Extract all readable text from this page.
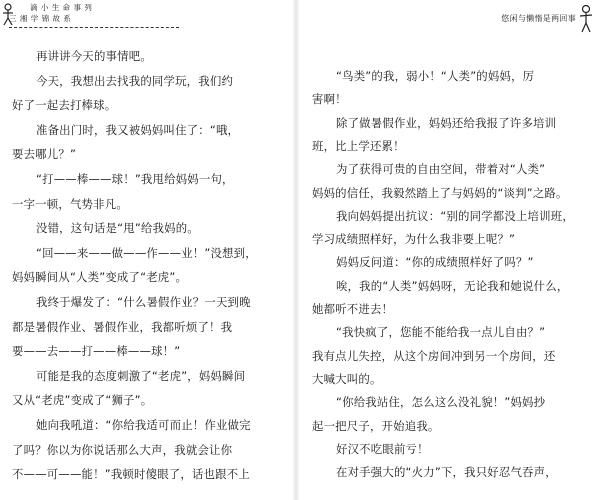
滴 小 生 命 事 列
三 湘 学 锦 故 系
再讲讲今天的事情吧。
今天，我想出去找我的同学玩，我们约
好了一起去打棒球。
准备出门时，我又被妈妈叫住了：“哦，
要去哪儿？”
“打——棒——球！”我甩给妈妈一句，
一字一顿，气势非凡。
没错，这句话是“甩”给我妈的。
“回——来——做——作——业！”没想到，
妈妈瞬间从“人类”变成了“老虎”。
我终于爆发了：“什么暑假作业？一天到晚
都是暑假作业、暑假作业，我都听烦了！我
要——去——打——棒——球！”
可能是我的态度刺激了“老虎”，妈妈瞬间
又从“老虎”变成了“狮子”。
她向我吼道：“你给我适可而止！作业做完
了吗？你以为你说话那么大声，我就会让你
不——可——能！”我顿时傻眼了，话也跟不上
悠闲与懒惰是两回事
“鸟类”的我，弱小！“人类”的妈妈，厉
害啊！
除了做暑假作业，妈妈还给我报了许多培训
班，比上学还累！
为了获得可贵的自由空间，带着对“人类”
妈妈的信任，我毅然踏上了与妈妈的“谈判”之路。
我向妈妈提出抗议：“别的同学都没上培训班，
学习成绩照样好，为什么我非要上呢？”
妈妈反问道：“你的成绩照样好了吗？”
唉，我的“人类”妈妈呀，无论我和她说什么，
她都听不进去！
“我快疯了，您能不能给我一点儿自由？”
我有点儿失控，从这个房间冲到另一个房间，还
大喊大叫的。
“你给我站住，怎么这么没礼貌！”妈妈抄
起一把尺子，开始追我。
好汉不吃眼前亏！
在对手强大的“火力”下，我只好忍气吞声，
